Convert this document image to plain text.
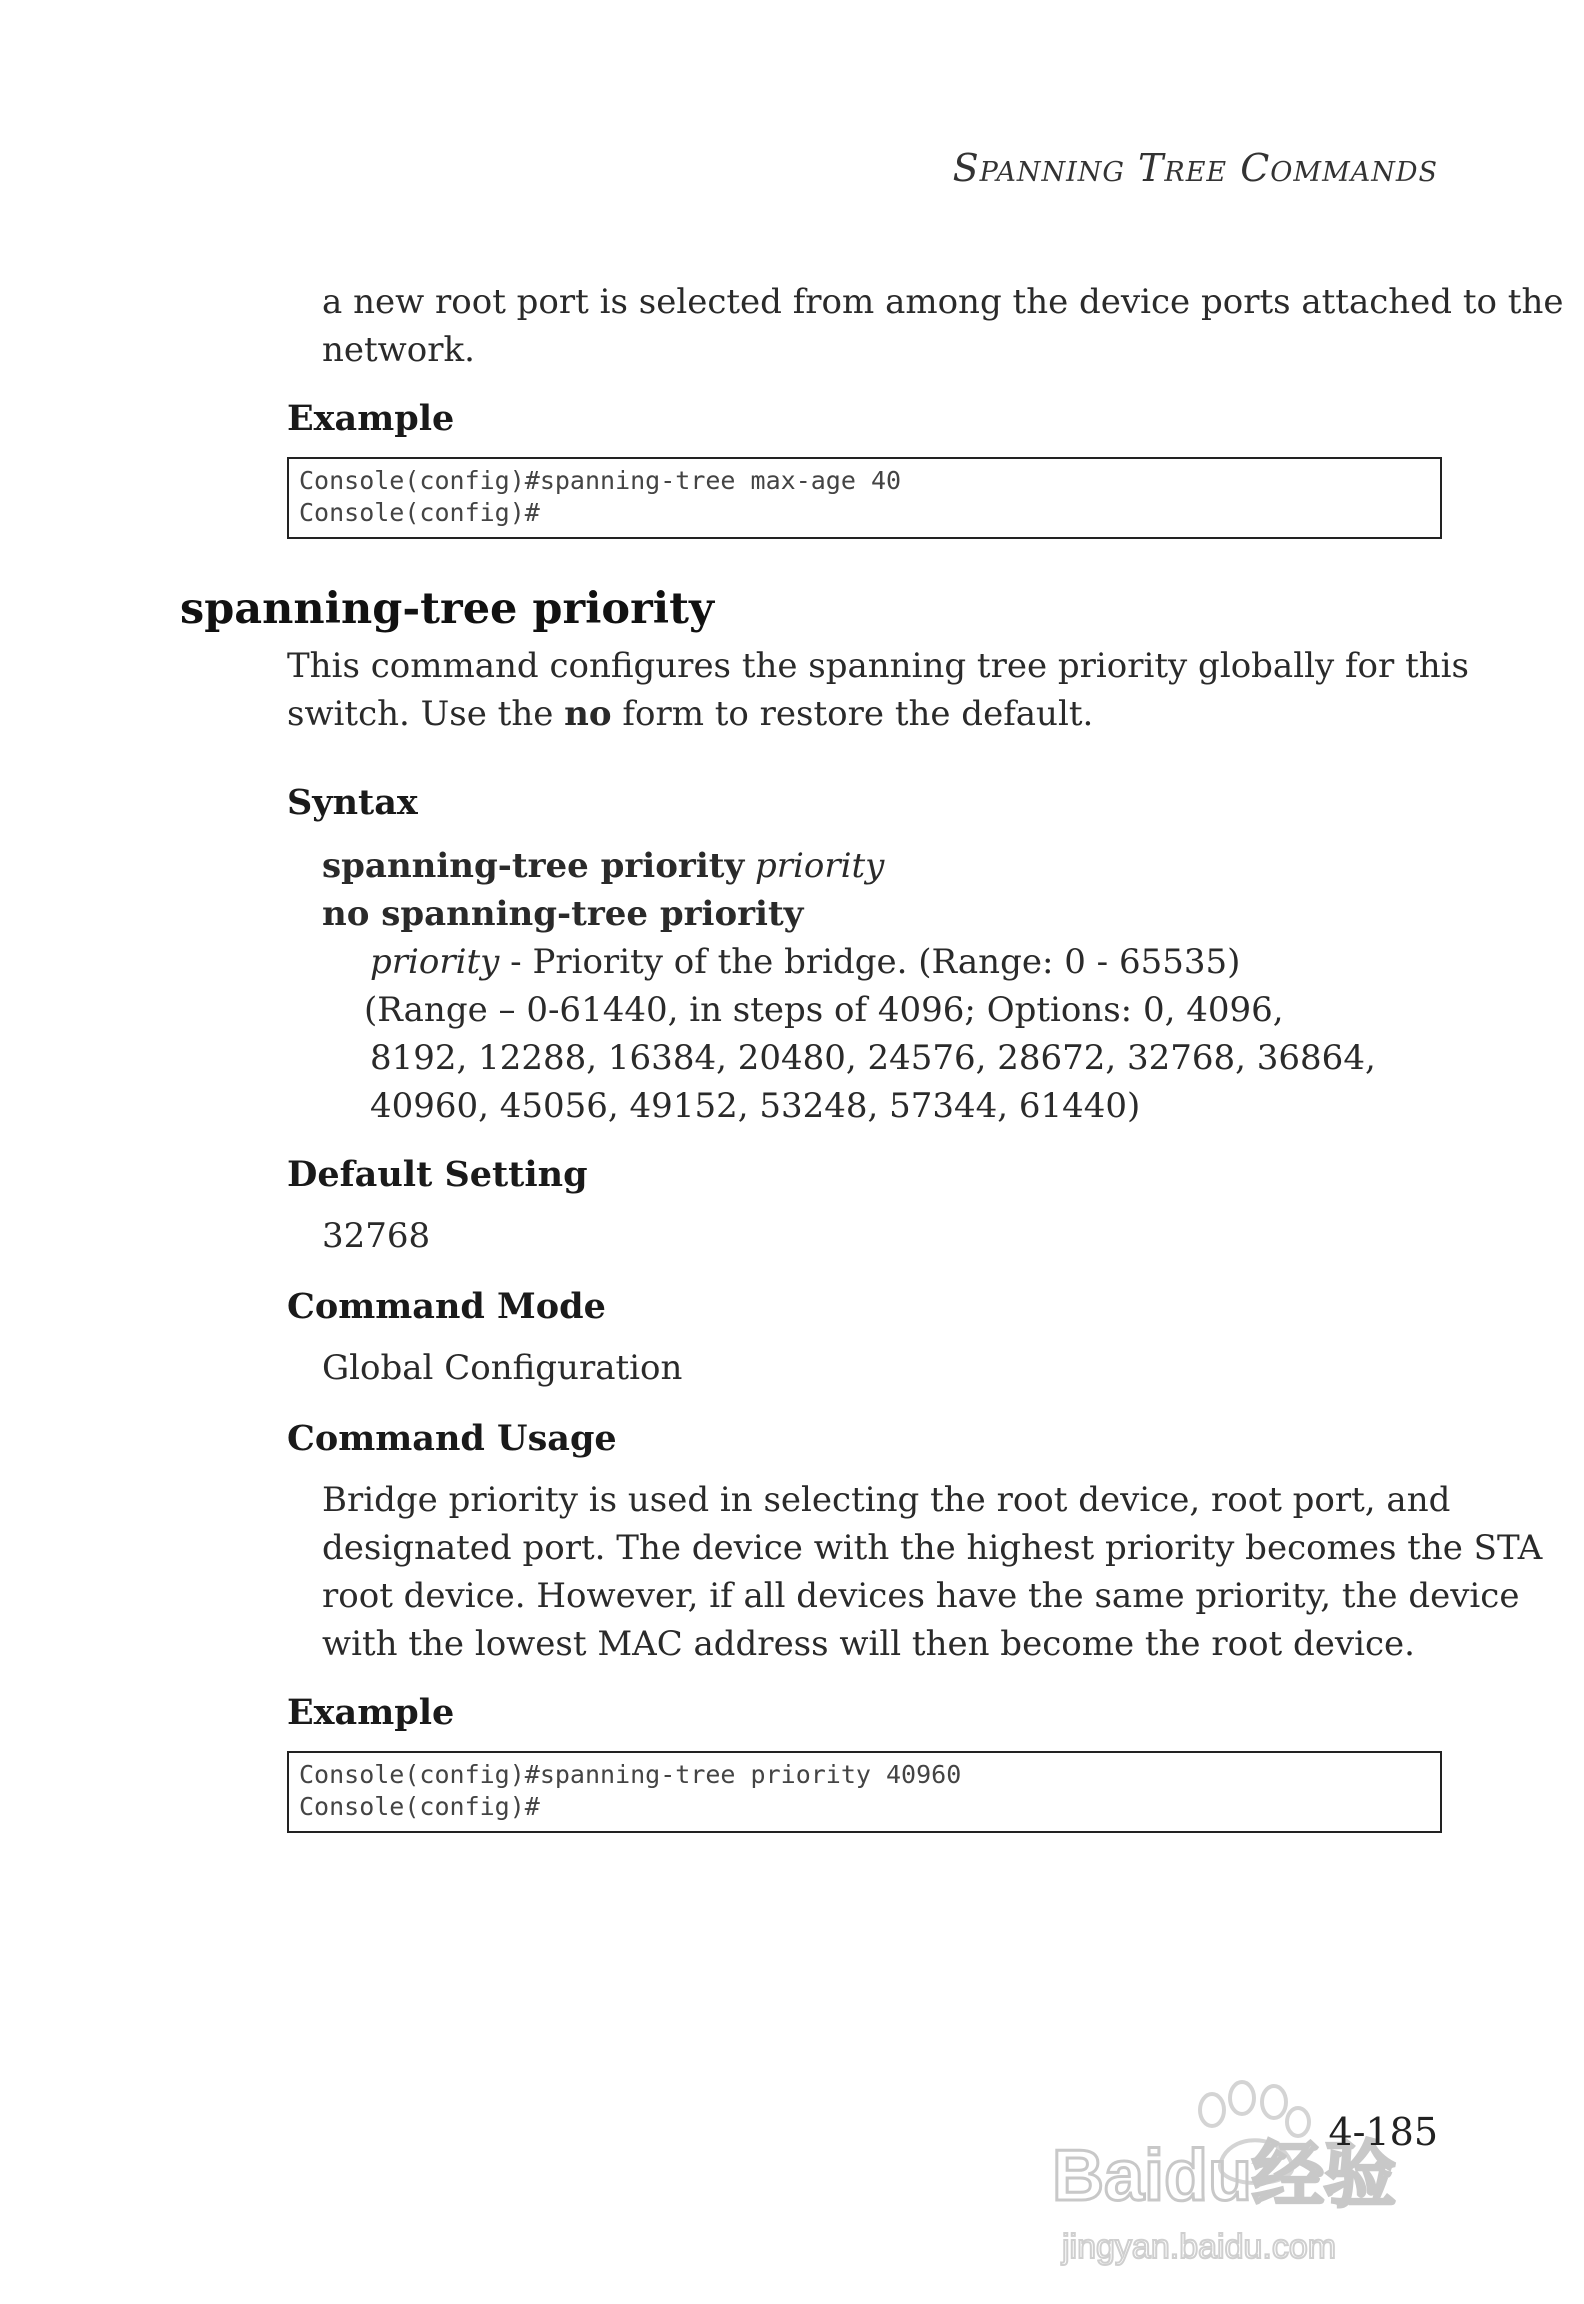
Spanning Tree Commands
a new root port is selected from among the device ports attached to the
network.
Example
Console(config)#spanning-tree max-age 40
Console(config)#
spanning-tree priority
This command configures the spanning tree priority globally for this
switch. Use the no form to restore the default.
Syntax
spanning-tree priority priority
no spanning-tree priority
priority - Priority of the bridge. (Range: 0 - 65535)
(Range – 0-61440, in steps of 4096; Options: 0, 4096,
8192, 12288, 16384, 20480, 24576, 28672, 32768, 36864,
40960, 45056, 49152, 53248, 57344, 61440)
Default Setting
32768
Command Mode
Global Configuration
Command Usage
Bridge priority is used in selecting the root device, root port, and
designated port. The device with the highest priority becomes the STA
root device. However, if all devices have the same priority, the device
with the lowest MAC address will then become the root device.
Example
Console(config)#spanning-tree priority 40960
Console(config)#
Baidu经验
jingyan.baidu.com
4-185
